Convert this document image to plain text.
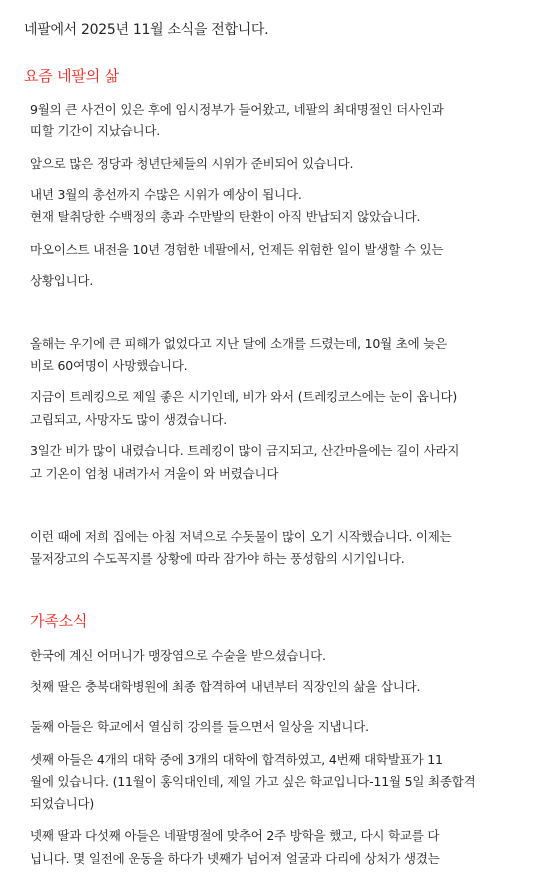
네팔에서 2025년 11월 소식을 전합니다.
요즘 네팔의 삶
9월의 큰 사건이 있은 후에 임시정부가 들어왔고, 네팔의 최대명절인 더사인과
띠할 기간이 지났습니다.
앞으로 많은 정당과 청년단체들의 시위가 준비되어 있습니다.
내년 3월의 총선까지 수많은 시위가 예상이 됩니다.
현재 탈취당한 수백정의 총과 수만발의 탄환이 아직 반납되지 않았습니다.
마오이스트 내전을 10년 경험한 네팔에서, 언제든 위험한 일이 발생할 수 있는
상황입니다.
올해는 우기에 큰 피해가 없었다고 지난 달에 소개를 드렸는데, 10월 초에 늦은
비로 60여명이 사망했습니다.
지금이 트레킹으로 제일 좋은 시기인데, 비가 와서 (트레킹코스에는 눈이 옵니다)
고립되고, 사망자도 많이 생겼습니다.
3일간 비가 많이 내렸습니다. 트레킹이 많이 금지되고, 산간마을에는 길이 사라지
고 기온이 엄청 내려가서 겨울이 와 버렸습니다
이런 때에 저희 집에는 아침 저녁으로 수돗물이 많이 오기 시작했습니다. 이제는
물저장고의 수도꼭지를 상황에 따라 잠가야 하는 풍성함의 시기입니다.
가족소식
한국에 계신 어머니가 맹장염으로 수술을 받으셨습니다.
첫째 딸은 충북대학병원에 최종 합격하여 내년부터 직장인의 삶을 삽니다.
둘째 아들은 학교에서 열심히 강의를 들으면서 일상을 지냅니다.
셋째 아들은 4개의 대학 중에 3개의 대학에 합격하였고, 4번째 대학발표가 11
월에 있습니다. (11월이 홍익대인데, 제일 가고 싶은 학교입니다-11월 5일 최종합격
되었습니다)
넷째 딸과 다섯째 아들은 네팔명절에 맞추어 2주 방학을 했고, 다시 학교를 다
닙니다. 몇 일전에 운동을 하다가 넷째가 넘어져 얼굴과 다리에 상처가 생겼는
